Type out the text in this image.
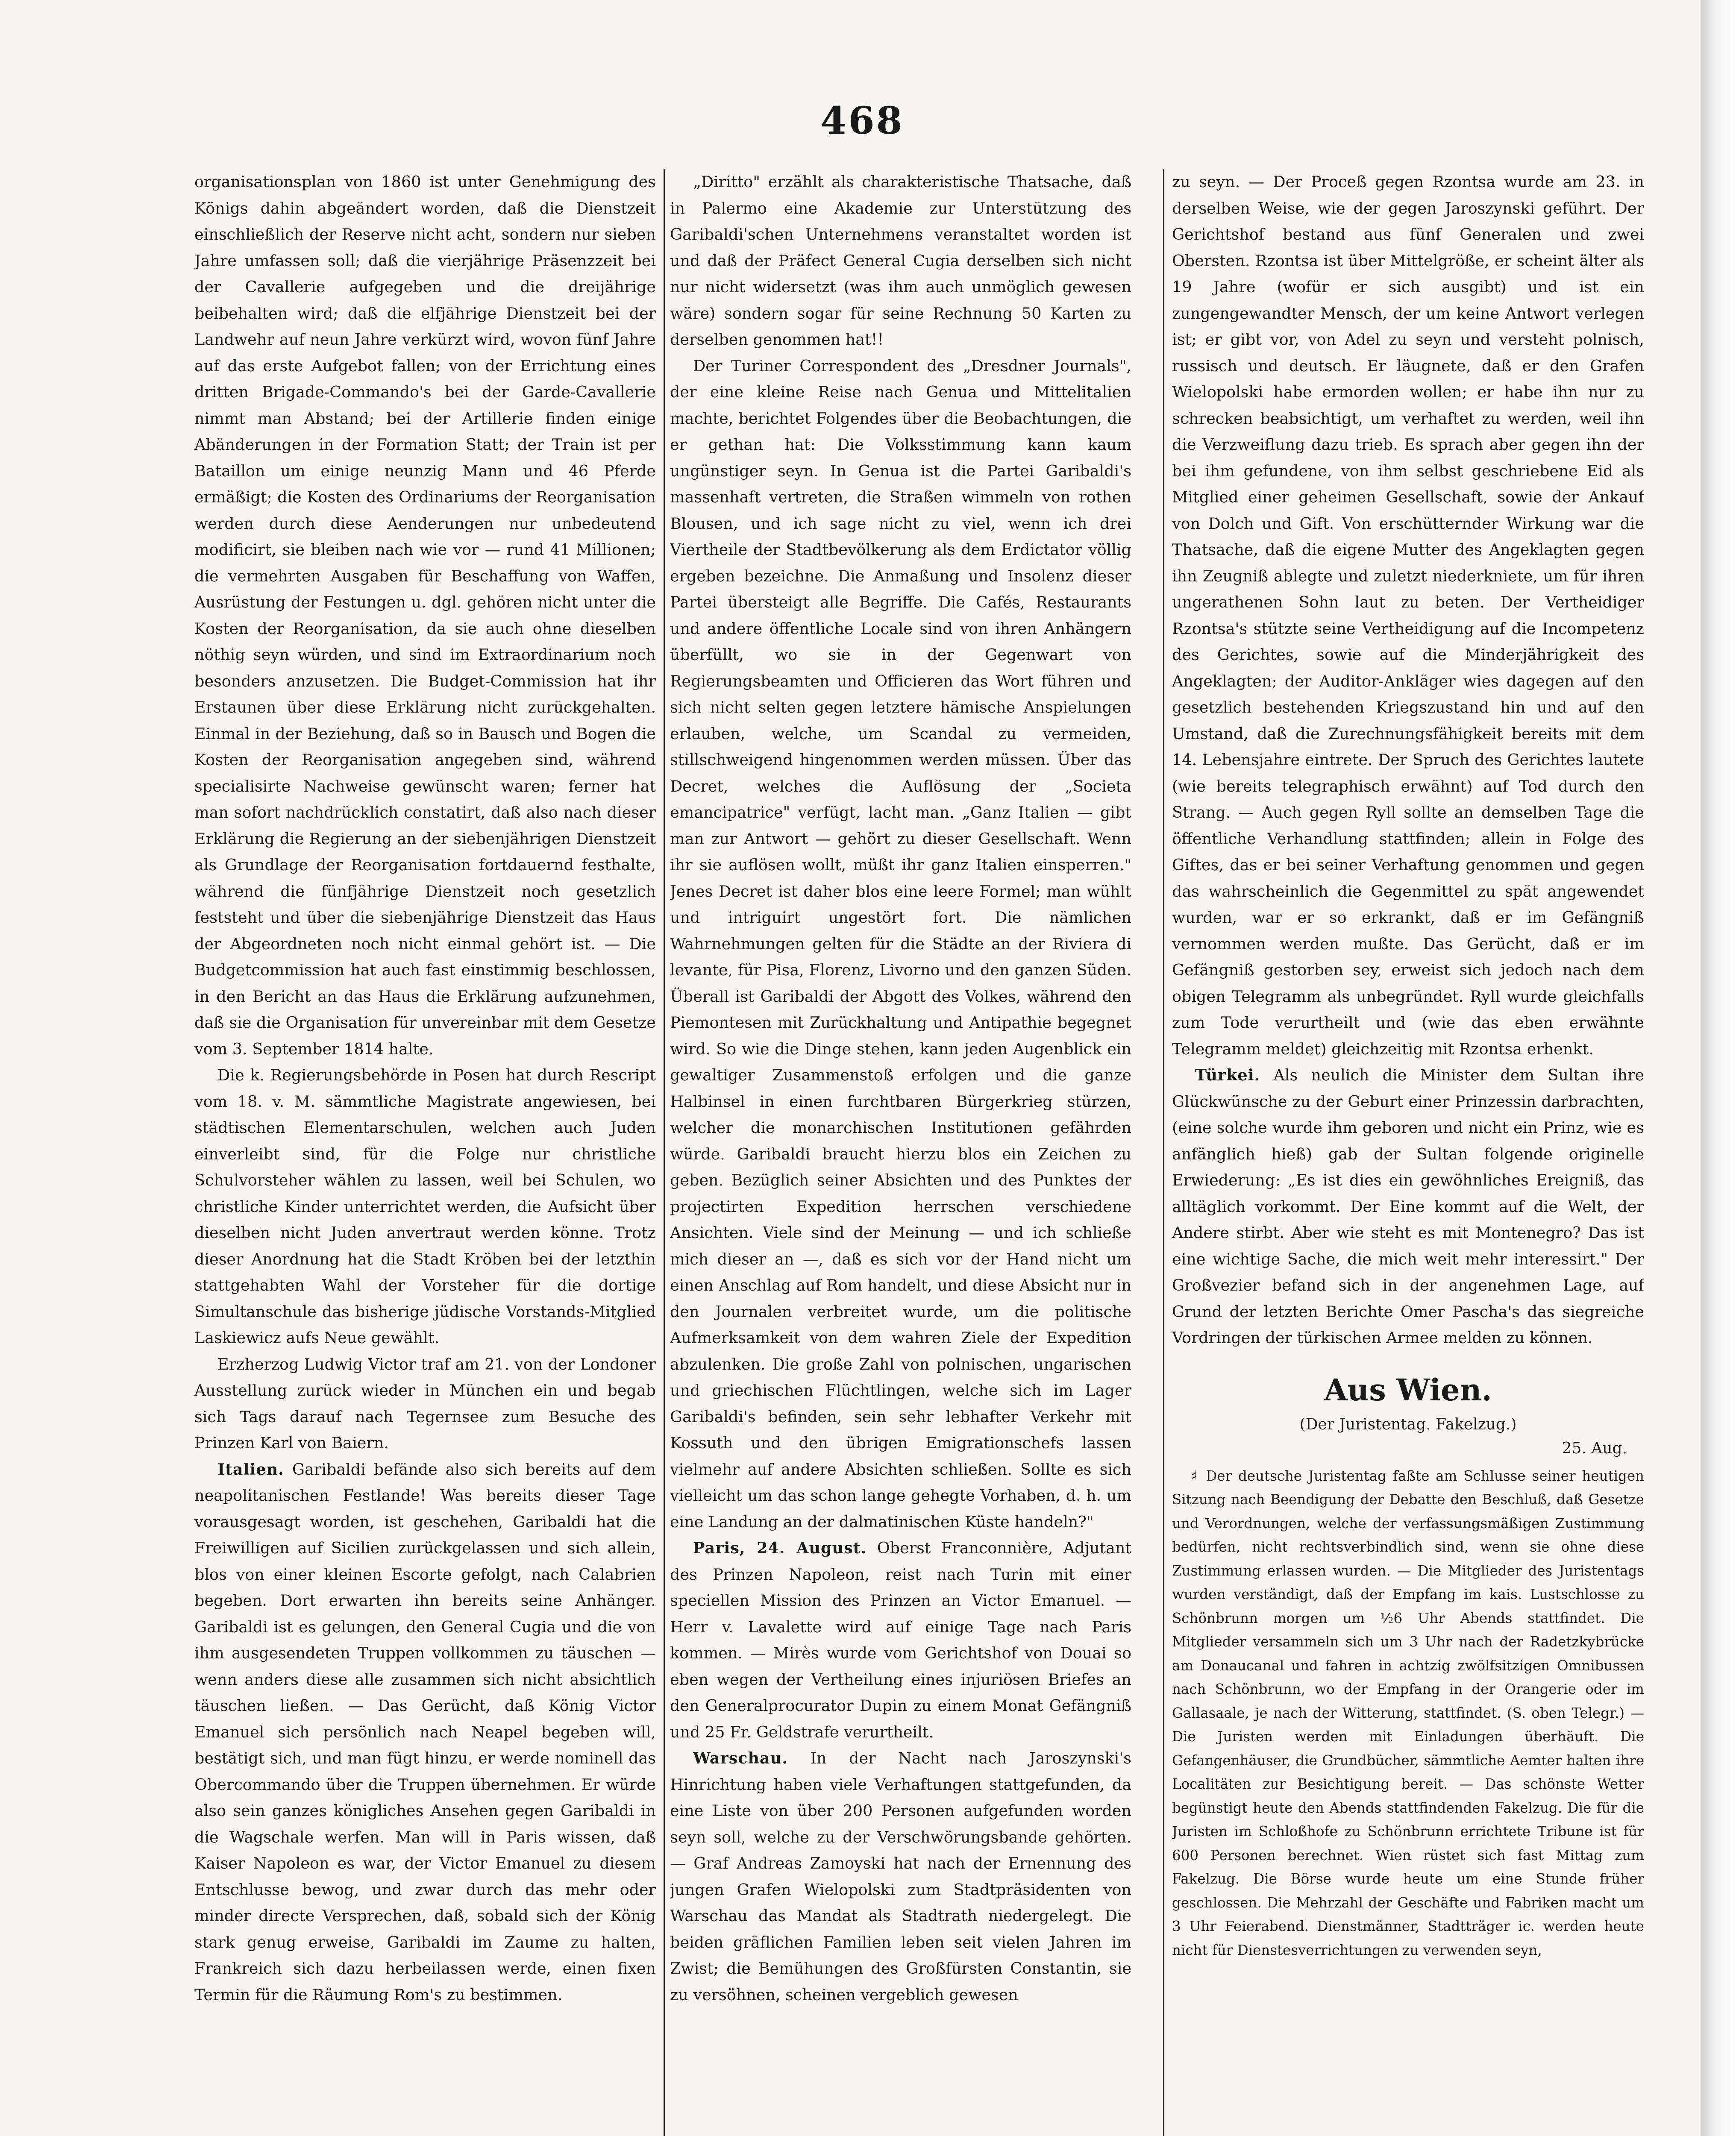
468

organisationsplan von 1860 ist unter Genehmigung des Königs dahin abgeändert worden, daß die Dienstzeit einschließlich der Reserve nicht acht, sondern nur sieben Jahre umfassen soll; daß die vierjährige Präsenzzeit bei der Cavallerie aufgegeben und die dreijährige beibehalten wird; daß die elfjährige Dienstzeit bei der Landwehr auf neun Jahre verkürzt wird, wovon fünf Jahre auf das erste Aufgebot fallen; von der Errichtung eines dritten Brigade-Commando's bei der Garde-Cavallerie nimmt man Abstand; bei der Artillerie finden einige Abänderungen in der Formation Statt; der Train ist per Bataillon um einige neunzig Mann und 46 Pferde ermäßigt; die Kosten des Ordinariums der Reorganisation werden durch diese Aenderungen nur unbedeutend modificirt, sie bleiben nach wie vor — rund 41 Millionen; die vermehrten Ausgaben für Beschaffung von Waffen, Ausrüstung der Festungen u. dgl. gehören nicht unter die Kosten der Reorganisation, da sie auch ohne dieselben nöthig seyn würden, und sind im Extraordinarium noch besonders anzusetzen. Die Budget-Commission hat ihr Erstaunen über diese Erklärung nicht zurückgehalten. Einmal in der Beziehung, daß so in Bausch und Bogen die Kosten der Reorganisation angegeben sind, während specialisirte Nachweise gewünscht waren; ferner hat man sofort nachdrücklich constatirt, daß also nach dieser Erklärung die Regierung an der siebenjährigen Dienstzeit als Grundlage der Reorganisation fortdauernd festhalte, während die fünfjährige Dienstzeit noch gesetzlich feststeht und über die siebenjährige Dienstzeit das Haus der Abgeordneten noch nicht einmal gehört ist. — Die Budgetcommission hat auch fast einstimmig beschlossen, in den Bericht an das Haus die Erklärung aufzunehmen, daß sie die Organisation für unvereinbar mit dem Gesetze vom 3. September 1814 halte.

Die k. Regierungsbehörde in Posen hat durch Rescript vom 18. v. M. sämmtliche Magistrate angewiesen, bei städtischen Elementarschulen, welchen auch Juden einverleibt sind, für die Folge nur christliche Schulvorsteher wählen zu lassen, weil bei Schulen, wo christliche Kinder unterrichtet werden, die Aufsicht über dieselben nicht Juden anvertraut werden könne. Trotz dieser Anordnung hat die Stadt Kröben bei der letzthin stattgehabten Wahl der Vorsteher für die dortige Simultanschule das bisherige jüdische Vorstands-Mitglied Laskiewicz aufs Neue gewählt.

Erzherzog Ludwig Victor traf am 21. von der Londoner Ausstellung zurück wieder in München ein und begab sich Tags darauf nach Tegernsee zum Besuche des Prinzen Karl von Baiern.

Italien. Garibaldi befände also sich bereits auf dem neapolitanischen Festlande! Was bereits dieser Tage vorausgesagt worden, ist geschehen, Garibaldi hat die Freiwilligen auf Sicilien zurückgelassen und sich allein, blos von einer kleinen Escorte gefolgt, nach Calabrien begeben. Dort erwarten ihn bereits seine Anhänger. Garibaldi ist es gelungen, den General Cugia und die von ihm ausgesendeten Truppen vollkommen zu täuschen — wenn anders diese alle zusammen sich nicht absichtlich täuschen ließen. — Das Gerücht, daß König Victor Emanuel sich persönlich nach Neapel begeben will, bestätigt sich, und man fügt hinzu, er werde nominell das Obercommando über die Truppen übernehmen. Er würde also sein ganzes königliches Ansehen gegen Garibaldi in die Wagschale werfen. Man will in Paris wissen, daß Kaiser Napoleon es war, der Victor Emanuel zu diesem Entschlusse bewog, und zwar durch das mehr oder minder directe Versprechen, daß, sobald sich der König stark genug erweise, Garibaldi im Zaume zu halten, Frankreich sich dazu herbeilassen werde, einen fixen Termin für die Räumung Rom's zu bestimmen.

„Diritto" erzählt als charakteristische Thatsache, daß in Palermo eine Akademie zur Unterstützung des Garibaldi'schen Unternehmens veranstaltet worden ist und daß der Präfect General Cugia derselben sich nicht nur nicht widersetzt (was ihm auch unmöglich gewesen wäre) sondern sogar für seine Rechnung 50 Karten zu derselben genommen hat!!

Der Turiner Correspondent des „Dresdner Journals", der eine kleine Reise nach Genua und Mittelitalien machte, berichtet Folgendes über die Beobachtungen, die er gethan hat: Die Volksstimmung kann kaum ungünstiger seyn. In Genua ist die Partei Garibaldi's massenhaft vertreten, die Straßen wimmeln von rothen Blousen, und ich sage nicht zu viel, wenn ich drei Viertheile der Stadtbevölkerung als dem Erdictator völlig ergeben bezeichne. Die Anmaßung und Insolenz dieser Partei übersteigt alle Begriffe. Die Cafés, Restaurants und andere öffentliche Locale sind von ihren Anhängern überfüllt, wo sie in der Gegenwart von Regierungsbeamten und Officieren das Wort führen und sich nicht selten gegen letztere hämische Anspielungen erlauben, welche, um Scandal zu vermeiden, stillschweigend hingenommen werden müssen. Über das Decret, welches die Auflösung der „Societa emancipatrice" verfügt, lacht man. „Ganz Italien — gibt man zur Antwort — gehört zu dieser Gesellschaft. Wenn ihr sie auflösen wollt, müßt ihr ganz Italien einsperren." Jenes Decret ist daher blos eine leere Formel; man wühlt und intriguirt ungestört fort. Die nämlichen Wahrnehmungen gelten für die Städte an der Riviera di levante, für Pisa, Florenz, Livorno und den ganzen Süden. Überall ist Garibaldi der Abgott des Volkes, während den Piemontesen mit Zurückhaltung und Antipathie begegnet wird. So wie die Dinge stehen, kann jeden Augenblick ein gewaltiger Zusammenstoß erfolgen und die ganze Halbinsel in einen furchtbaren Bürgerkrieg stürzen, welcher die monarchischen Institutionen gefährden würde. Garibaldi braucht hierzu blos ein Zeichen zu geben. Bezüglich seiner Absichten und des Punktes der projectirten Expedition herrschen verschiedene Ansichten. Viele sind der Meinung — und ich schließe mich dieser an —, daß es sich vor der Hand nicht um einen Anschlag auf Rom handelt, und diese Absicht nur in den Journalen verbreitet wurde, um die politische Aufmerksamkeit von dem wahren Ziele der Expedition abzulenken. Die große Zahl von polnischen, ungarischen und griechischen Flüchtlingen, welche sich im Lager Garibaldi's befinden, sein sehr lebhafter Verkehr mit Kossuth und den übrigen Emigrationschefs lassen vielmehr auf andere Absichten schließen. Sollte es sich vielleicht um das schon lange gehegte Vorhaben, d. h. um eine Landung an der dalmatinischen Küste handeln?"

Paris, 24. August. Oberst Franconnière, Adjutant des Prinzen Napoleon, reist nach Turin mit einer speciellen Mission des Prinzen an Victor Emanuel. — Herr v. Lavalette wird auf einige Tage nach Paris kommen. — Mirès wurde vom Gerichtshof von Douai so eben wegen der Vertheilung eines injuriösen Briefes an den Generalprocurator Dupin zu einem Monat Gefängniß und 25 Fr. Geldstrafe verurtheilt.

Warschau. In der Nacht nach Jaroszynski's Hinrichtung haben viele Verhaftungen stattgefunden, da eine Liste von über 200 Personen aufgefunden worden seyn soll, welche zu der Verschwörungsbande gehörten. — Graf Andreas Zamoyski hat nach der Ernennung des jungen Grafen Wielopolski zum Stadtpräsidenten von Warschau das Mandat als Stadtrath niedergelegt. Die beiden gräflichen Familien leben seit vielen Jahren im Zwist; die Bemühungen des Großfürsten Constantin, sie zu versöhnen, scheinen vergeblich gewesen

zu seyn. — Der Proceß gegen Rzontsa wurde am 23. in derselben Weise, wie der gegen Jaroszynski geführt. Der Gerichtshof bestand aus fünf Generalen und zwei Obersten. Rzontsa ist über Mittelgröße, er scheint älter als 19 Jahre (wofür er sich ausgibt) und ist ein zungengewandter Mensch, der um keine Antwort verlegen ist; er gibt vor, von Adel zu seyn und versteht polnisch, russisch und deutsch. Er läugnete, daß er den Grafen Wielopolski habe ermorden wollen; er habe ihn nur zu schrecken beabsichtigt, um verhaftet zu werden, weil ihn die Verzweiflung dazu trieb. Es sprach aber gegen ihn der bei ihm gefundene, von ihm selbst geschriebene Eid als Mitglied einer geheimen Gesellschaft, sowie der Ankauf von Dolch und Gift. Von erschütternder Wirkung war die Thatsache, daß die eigene Mutter des Angeklagten gegen ihn Zeugniß ablegte und zuletzt niederkniete, um für ihren ungerathenen Sohn laut zu beten. Der Vertheidiger Rzontsa's stützte seine Vertheidigung auf die Incompetenz des Gerichtes, sowie auf die Minderjährigkeit des Angeklagten; der Auditor-Ankläger wies dagegen auf den gesetzlich bestehenden Kriegszustand hin und auf den Umstand, daß die Zurechnungsfähigkeit bereits mit dem 14. Lebensjahre eintrete. Der Spruch des Gerichtes lautete (wie bereits telegraphisch erwähnt) auf Tod durch den Strang. — Auch gegen Ryll sollte an demselben Tage die öffentliche Verhandlung stattfinden; allein in Folge des Giftes, das er bei seiner Verhaftung genommen und gegen das wahrscheinlich die Gegenmittel zu spät angewendet wurden, war er so erkrankt, daß er im Gefängniß vernommen werden mußte. Das Gerücht, daß er im Gefängniß gestorben sey, erweist sich jedoch nach dem obigen Telegramm als unbegründet. Ryll wurde gleichfalls zum Tode verurtheilt und (wie das eben erwähnte Telegramm meldet) gleichzeitig mit Rzontsa erhenkt.

Türkei. Als neulich die Minister dem Sultan ihre Glückwünsche zu der Geburt einer Prinzessin darbrachten, (eine solche wurde ihm geboren und nicht ein Prinz, wie es anfänglich hieß) gab der Sultan folgende originelle Erwiederung: „Es ist dies ein gewöhnliches Ereigniß, das alltäglich vorkommt. Der Eine kommt auf die Welt, der Andere stirbt. Aber wie steht es mit Montenegro? Das ist eine wichtige Sache, die mich weit mehr interessirt." Der Großvezier befand sich in der angenehmen Lage, auf Grund der letzten Berichte Omer Pascha's das siegreiche Vordringen der türkischen Armee melden zu können.

Aus Wien.
(Der Juristentag. Fakelzug.)
25. Aug.

♯ Der deutsche Juristentag faßte am Schlusse seiner heutigen Sitzung nach Beendigung der Debatte den Beschluß, daß Gesetze und Verordnungen, welche der verfassungsmäßigen Zustimmung bedürfen, nicht rechtsverbindlich sind, wenn sie ohne diese Zustimmung erlassen wurden. — Die Mitglieder des Juristentags wurden verständigt, daß der Empfang im kais. Lustschlosse zu Schönbrunn morgen um ½6 Uhr Abends stattfindet. Die Mitglieder versammeln sich um 3 Uhr nach der Radetzkybrücke am Donaucanal und fahren in achtzig zwölfsitzigen Omnibussen nach Schönbrunn, wo der Empfang in der Orangerie oder im Gallasaale, je nach der Witterung, stattfindet. (S. oben Telegr.) — Die Juristen werden mit Einladungen überhäuft. Die Gefangenhäuser, die Grundbücher, sämmtliche Aemter halten ihre Localitäten zur Besichtigung bereit. — Das schönste Wetter begünstigt heute den Abends stattfindenden Fakelzug. Die für die Juristen im Schloßhofe zu Schönbrunn errichtete Tribune ist für 600 Personen berechnet. Wien rüstet sich fast Mittag zum Fakelzug. Die Börse wurde heute um eine Stunde früher geschlossen. Die Mehrzahl der Geschäfte und Fabriken macht um 3 Uhr Feierabend. Dienstmänner, Stadtträger ic. werden heute nicht für Dienstesverrichtungen zu verwenden seyn,
